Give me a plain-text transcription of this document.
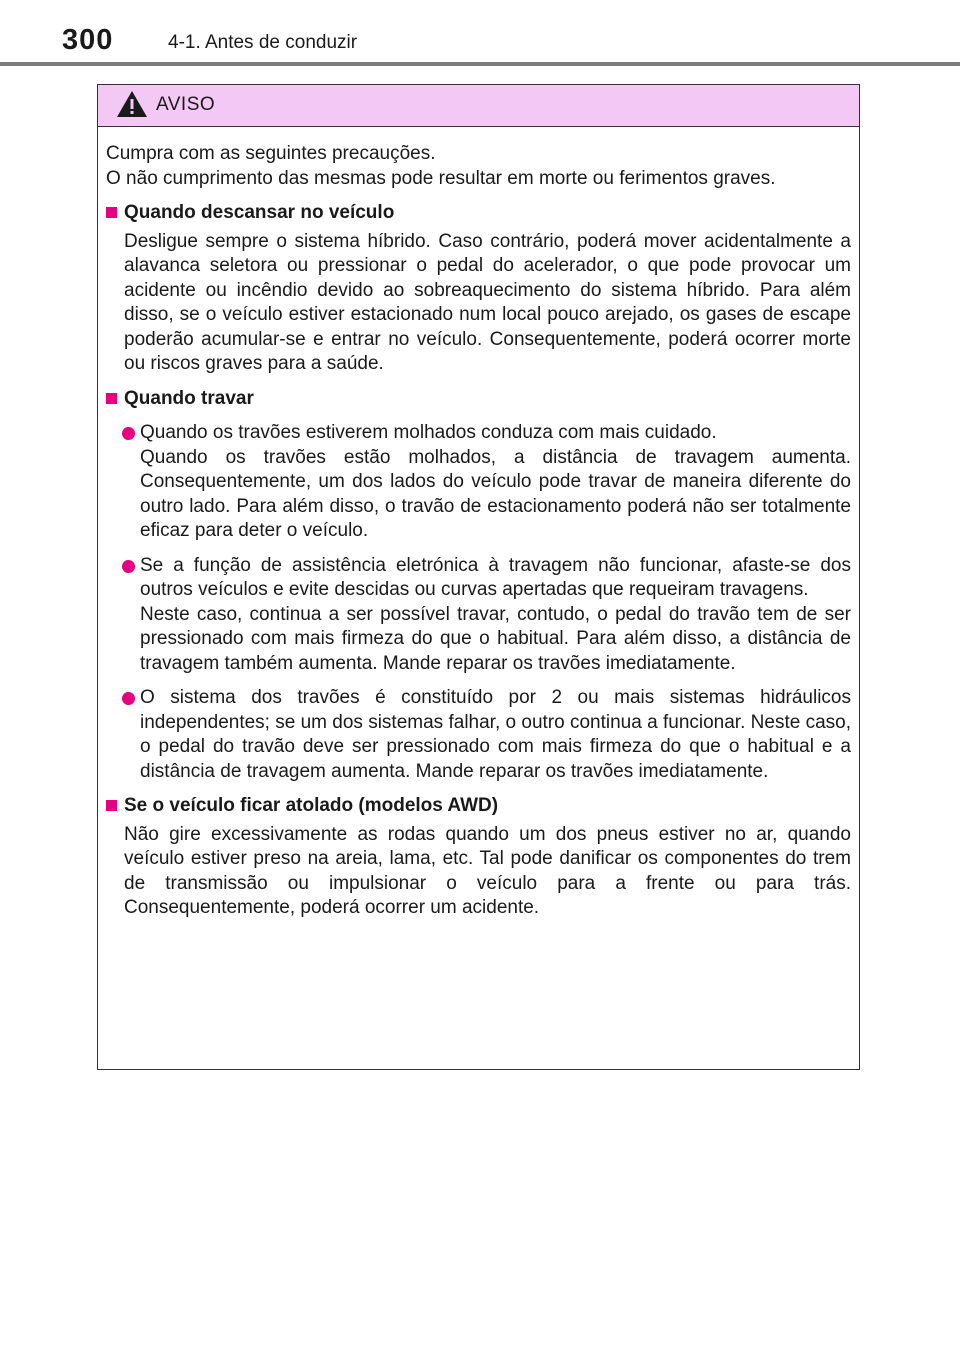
300	4-1. Antes de conduzir
AVISO

Cumpra com as seguintes precauções.

O não cumprimento das mesmas pode resultar em morte ou ferimentos graves.

Quando descansar no veículo

Desligue sempre o sistema híbrido. Caso contrário, poderá mover acidentalmente a alavanca seletora ou pressionar o pedal do acelerador, o que pode provocar um acidente ou incêndio devido ao sobreaquecimento do sistema híbrido. Para além disso, se o veículo estiver estacionado num local pouco arejado, os gases de escape poderão acumular-se e entrar no veículo. Consequentemente, poderá ocorrer morte ou riscos graves para a saúde.

Quando travar

Quando os travões estiverem molhados conduza com mais cuidado.

Quando os travões estão molhados, a distância de travagem aumenta. Consequentemente, um dos lados do veículo pode travar de maneira diferente do outro lado. Para além disso, o travão de estacionamento poderá não ser totalmente eficaz para deter o veículo.

Se a função de assistência eletrónica à travagem não funcionar, afaste-se dos outros veículos e evite descidas ou curvas apertadas que requeiram travagens.

Neste caso, continua a ser possível travar, contudo, o pedal do travão tem de ser pressionado com mais firmeza do que o habitual. Para além disso, a distância de travagem também aumenta. Mande reparar os travões imediatamente.

O sistema dos travões é constituído por 2 ou mais sistemas hidráulicos independentes; se um dos sistemas falhar, o outro continua a funcionar. Neste caso, o pedal do travão deve ser pressionado com mais firmeza do que o habitual e a distância de travagem aumenta. Mande reparar os travões imediatamente.

Se o veículo ficar atolado (modelos AWD)

Não gire excessivamente as rodas quando um dos pneus estiver no ar, quando veículo estiver preso na areia, lama, etc. Tal pode danificar os componentes do trem de transmissão ou impulsionar o veículo para a frente ou para trás. Consequentemente, poderá ocorrer um acidente.
